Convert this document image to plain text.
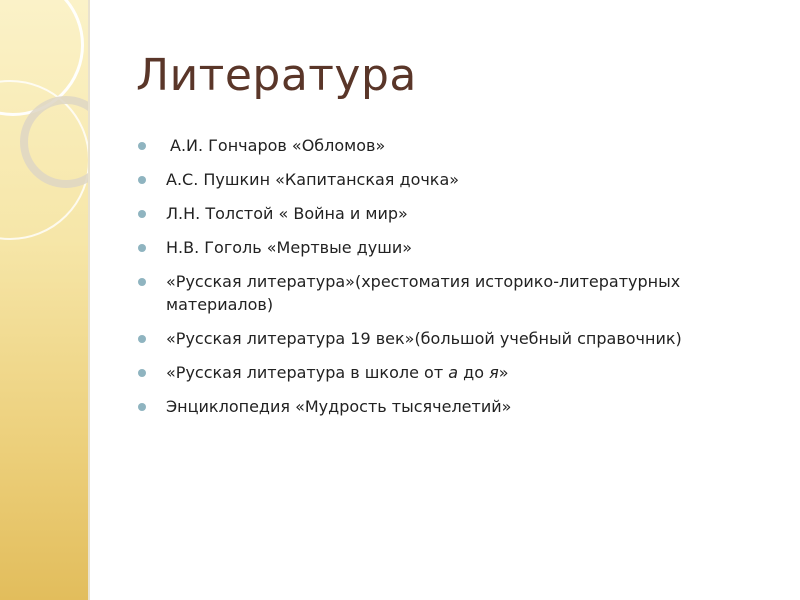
Литература
А.И. Гончаров «Обломов»
А.С. Пушкин «Капитанская дочка»
Л.Н. Толстой « Война и мир»
Н.В. Гоголь «Мертвые души»
«Русская литература»(хрестоматия историко-литературных материалов)
«Русская литература 19 век»(большой учебный справочник)
«Русская литература в школе от а до я»
Энциклопедия «Мудрость тысячелетий»
